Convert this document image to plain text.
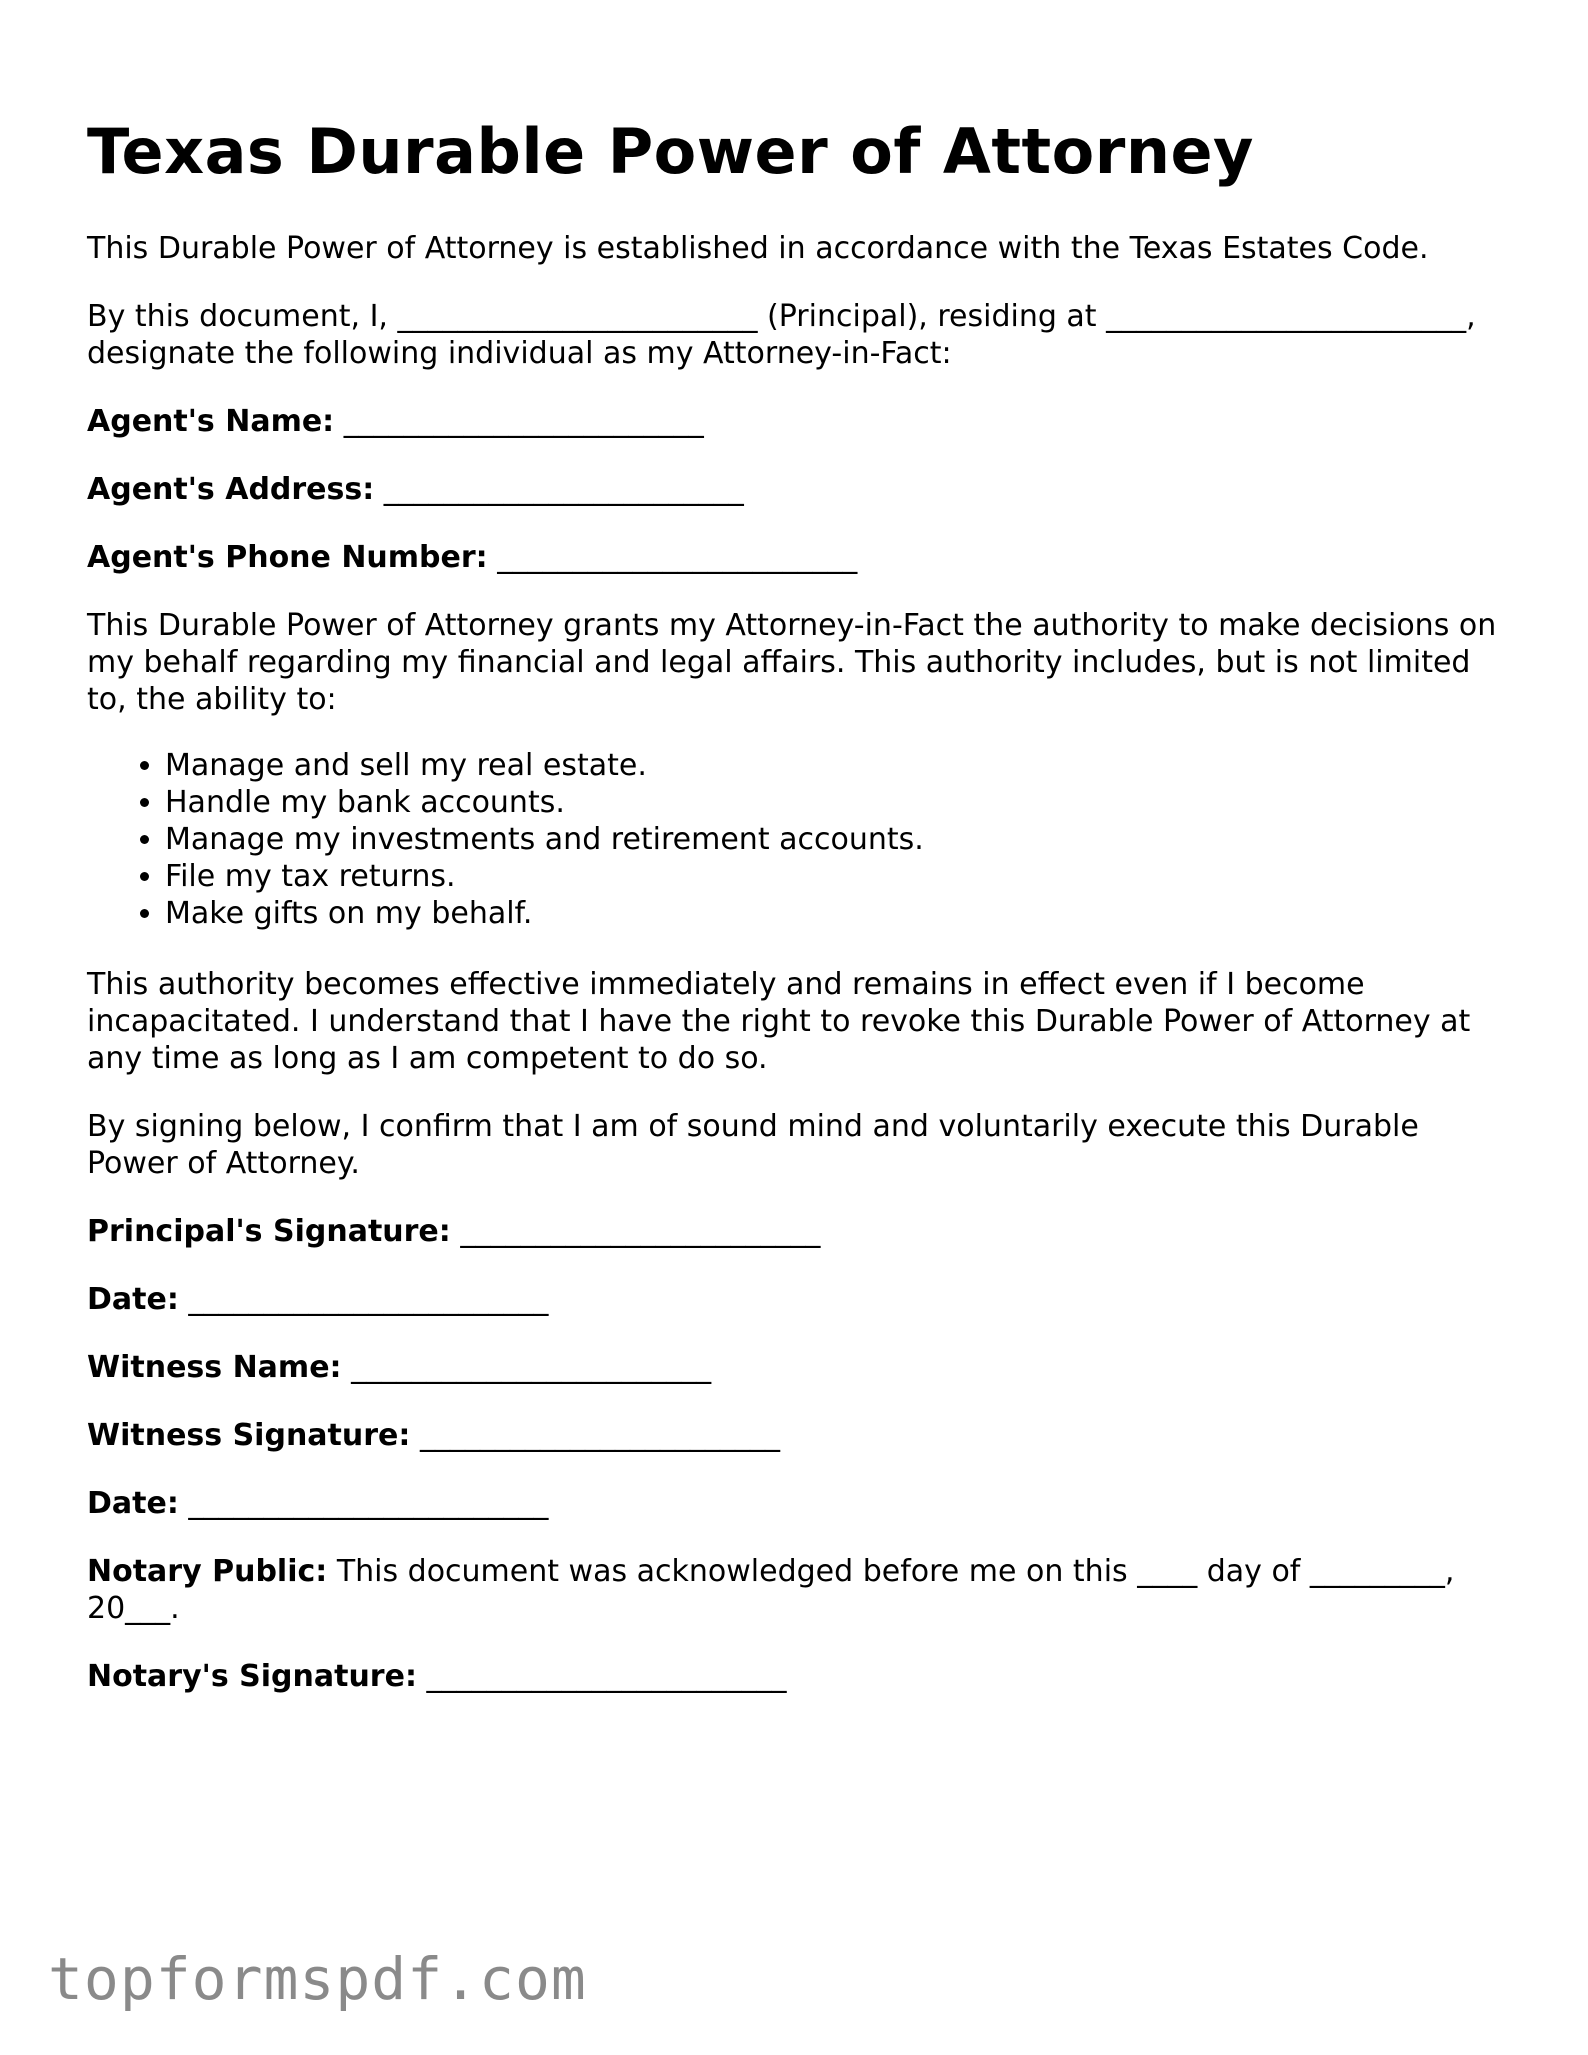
Texas Durable Power of Attorney

This Durable Power of Attorney is established in accordance with the Texas Estates Code.

By this document, I, ________________________ (Principal), residing at ________________________, designate the following individual as my Attorney-in-Fact:

Agent's Name: ________________________
Agent's Address: ________________________
Agent's Phone Number: ________________________

This Durable Power of Attorney grants my Attorney-in-Fact the authority to make decisions on my behalf regarding my financial and legal affairs. This authority includes, but is not limited to, the ability to:

• Manage and sell my real estate.
• Handle my bank accounts.
• Manage my investments and retirement accounts.
• File my tax returns.
• Make gifts on my behalf.

This authority becomes effective immediately and remains in effect even if I become incapacitated. I understand that I have the right to revoke this Durable Power of Attorney at any time as long as I am competent to do so.

By signing below, I confirm that I am of sound mind and voluntarily execute this Durable Power of Attorney.

Principal's Signature: ________________________
Date: ________________________
Witness Name: ________________________
Witness Signature: ________________________
Date: ________________________

Notary Public: This document was acknowledged before me on this ____ day of _________, 20___.

Notary's Signature: ________________________
topformspdf.com
